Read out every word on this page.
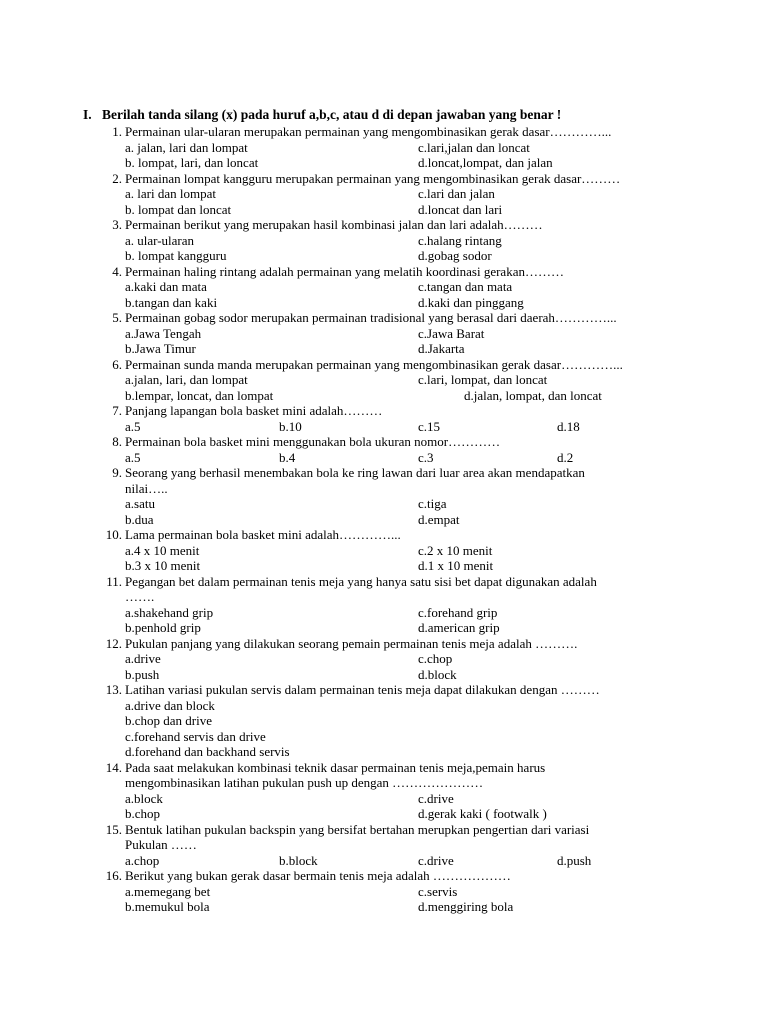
I. Berilah tanda silang (x) pada huruf a,b,c, atau d di depan jawaban yang benar !
1. Permainan ular-ularan merupakan permainan yang mengombinasikan gerak dasar…………...
a. jalan, lari dan lompat	c.lari,jalan dan loncat
b. lompat, lari, dan loncat	d.loncat,lompat, dan jalan
2. Permainan lompat kangguru merupakan permainan yang mengombinasikan gerak dasar………
a. lari dan lompat	c.lari dan jalan
b. lompat dan loncat	d.loncat dan lari
3. Permainan berikut yang merupakan hasil kombinasi jalan dan lari adalah………
a. ular-ularan	c.halang rintang
b. lompat kangguru	d.gobag sodor
4. Permainan haling rintang adalah permainan yang melatih koordinasi gerakan………
a.kaki dan mata	c.tangan dan mata
b.tangan dan kaki	d.kaki dan pinggang
5. Permainan gobag sodor merupakan permainan tradisional yang berasal dari daerah…………...
a.Jawa Tengah	c.Jawa Barat
b.Jawa Timur	d.Jakarta
6. Permainan sunda manda merupakan permainan yang mengombinasikan gerak dasar…………...
a.jalan, lari, dan lompat	c.lari, lompat, dan loncat
b.lempar, loncat, dan lompat	d.jalan, lompat, dan loncat
7. Panjang lapangan bola basket mini adalah………
a.5	b.10	c.15	d.18
8. Permainan bola basket mini menggunakan bola ukuran nomor…………
a.5	b.4	c.3	d.2
9. Seorang yang berhasil menembakan bola ke ring lawan dari luar area akan mendapatkan
nilai…..
a.satu	c.tiga
b.dua	d.empat
10. Lama permainan bola basket mini adalah…………...
a.4 x 10 menit	c.2 x 10 menit
b.3 x 10 menit	d.1 x 10 menit
11. Pegangan bet dalam permainan tenis meja yang hanya satu sisi bet dapat digunakan adalah
…….
a.shakehand grip	c.forehand grip
b.penhold grip	d.american grip
12. Pukulan panjang yang dilakukan seorang pemain permainan tenis meja adalah ……….
a.drive	c.chop
b.push	d.block
13. Latihan variasi pukulan servis dalam permainan tenis meja dapat dilakukan dengan ………
a.drive dan block
b.chop dan drive
c.forehand servis dan drive
d.forehand dan backhand servis
14. Pada saat melakukan kombinasi teknik dasar permainan tenis meja,pemain harus
mengombinasikan latihan pukulan push up dengan …………………
a.block	c.drive
b.chop	d.gerak kaki ( footwalk )
15. Bentuk latihan pukulan backspin yang bersifat bertahan merupkan pengertian dari variasi
Pukulan ……
a.chop	b.block	c.drive	d.push
16. Berikut yang bukan gerak dasar bermain tenis meja adalah ………………
a.memegang bet	c.servis
b.memukul bola	d.menggiring bola
